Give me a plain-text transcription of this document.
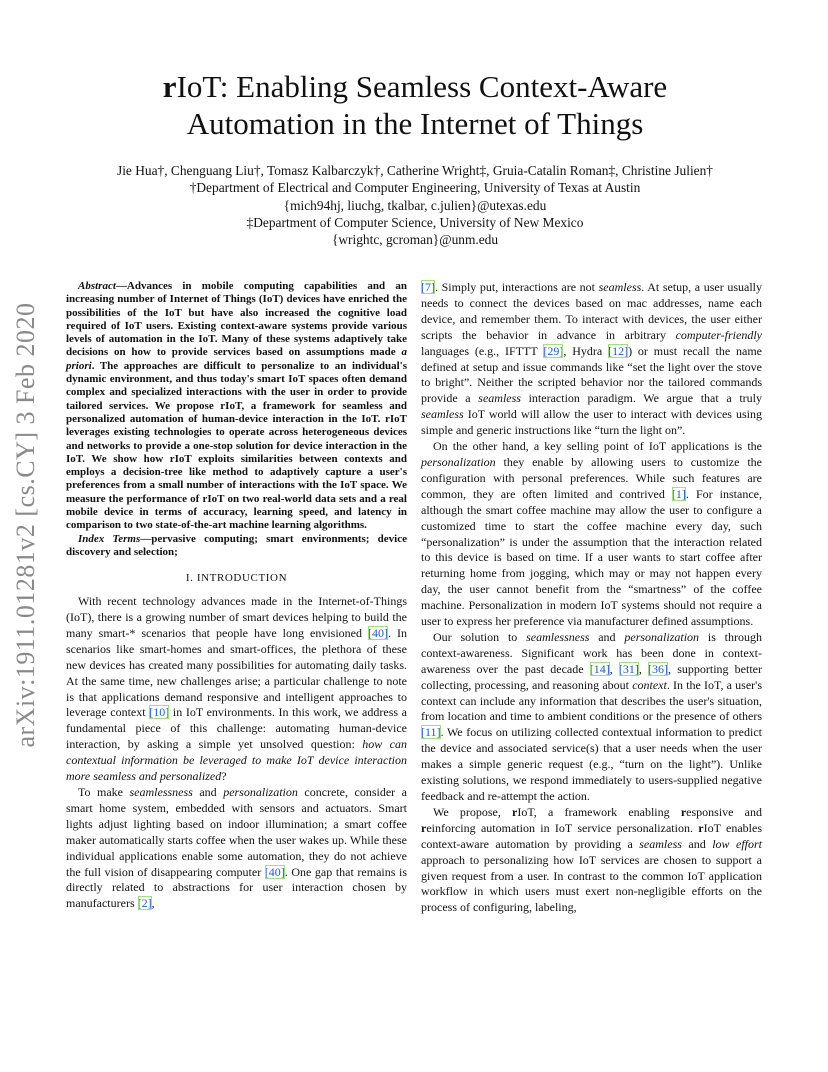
arXiv:1911.01281v2 [cs.CY] 3 Feb 2020
rIoT: Enabling Seamless Context-Aware
Automation in the Internet of Things
Jie Hua†, Chenguang Liu†, Tomasz Kalbarczyk†, Catherine Wright‡, Gruia-Catalin Roman‡, Christine Julien†
†Department of Electrical and Computer Engineering, University of Texas at Austin
{mich94hj, liuchg, tkalbar, c.julien}@utexas.edu
‡Department of Computer Science, University of New Mexico
{wrightc, gcroman}@unm.edu

Abstract—Advances in mobile computing capabilities and an increasing number of Internet of Things (IoT) devices have enriched the possibilities of the IoT but have also increased the cognitive load required of IoT users. Existing context-aware systems provide various levels of automation in the IoT. Many of these systems adaptively take decisions on how to provide services based on assumptions made a priori. The approaches are difficult to personalize to an individual's dynamic environment, and thus today's smart IoT spaces often demand complex and specialized interactions with the user in order to provide tailored services. We propose rIoT, a framework for seamless and personalized automation of human-device interaction in the IoT. rIoT leverages existing technologies to operate across heterogeneous devices and networks to provide a one-stop solution for device interaction in the IoT. We show how rIoT exploits similarities between contexts and employs a decision-tree like method to adaptively capture a user's preferences from a small number of interactions with the IoT space. We measure the performance of rIoT on two real-world data sets and a real mobile device in terms of accuracy, learning speed, and latency in comparison to two state-of-the-art machine learning algorithms.

Index Terms—pervasive computing; smart environments; device discovery and selection;

I. INTRODUCTION

With recent technology advances made in the Internet-of-Things (IoT), there is a growing number of smart devices helping to build the many smart-* scenarios that people have long envisioned [ 40 ] . In scenarios like smart-homes and smart-offices, the plethora of these new devices has created many possibilities for automating daily tasks. At the same time, new challenges arise; a particular challenge to note is that applications demand responsive and intelligent approaches to leverage context [ 10 ] in IoT environments. In this work, we address a fundamental piece of this challenge: automating human-device interaction, by asking a simple yet unsolved question: how can contextual information be leveraged to make IoT device interaction more seamless and personalized?

To make seamlessness and personalization concrete, consider a smart home system, embedded with sensors and actuators. Smart lights adjust lighting based on indoor illumination; a smart coffee maker automatically starts coffee when the user wakes up. While these individual applications enable some automation, they do not achieve the full vision of disappearing computer [ 40 ] . One gap that remains is directly related to abstractions for user interaction chosen by manufacturers [ 2 ] ,

[ 7 ] . Simply put, interactions are not seamless. At setup, a user usually needs to connect the devices based on mac addresses, name each device, and remember them. To interact with devices, the user either scripts the behavior in advance in arbitrary computer-friendly languages (e.g., IFTTT [ 29 ] , Hydra [ 12 ] ) or must recall the name defined at setup and issue commands like “set the light over the stove to bright”. Neither the scripted behavior nor the tailored commands provide a seamless interaction paradigm. We argue that a truly seamless IoT world will allow the user to interact with devices using simple and generic instructions like “turn the light on”.

On the other hand, a key selling point of IoT applications is the personalization they enable by allowing users to customize the configuration with personal preferences. While such features are common, they are often limited and contrived [ 1 ] . For instance, although the smart coffee machine may allow the user to configure a customized time to start the coffee machine every day, such “personalization” is under the assumption that the interaction related to this device is based on time. If a user wants to start coffee after returning home from jogging, which may or may not happen every day, the user cannot benefit from the “smartness” of the coffee machine. Personalization in modern IoT systems should not require a user to express her preference via manufacturer defined assumptions.

Our solution to seamlessness and personalization is through context-awareness. Significant work has been done in context-awareness over the past decade [ 14 ] , [ 31 ] , [ 36 ] , supporting better collecting, processing, and reasoning about context. In the IoT, a user's context can include any information that describes the user's situation, from location and time to ambient conditions or the presence of others [ 11 ] . We focus on utilizing collected contextual information to predict the device and associated service(s) that a user needs when the user makes a simple generic request (e.g., “turn on the light”). Unlike existing solutions, we respond immediately to users-supplied negative feedback and re-attempt the action.

We propose, rIoT, a framework enabling responsive and reinforcing automation in IoT service personalization. rIoT enables context-aware automation by providing a seamless and low effort approach to personalizing how IoT services are chosen to support a given request from a user. In contrast to the common IoT application workflow in which users must exert non-negligible efforts on the process of configuring, labeling,
